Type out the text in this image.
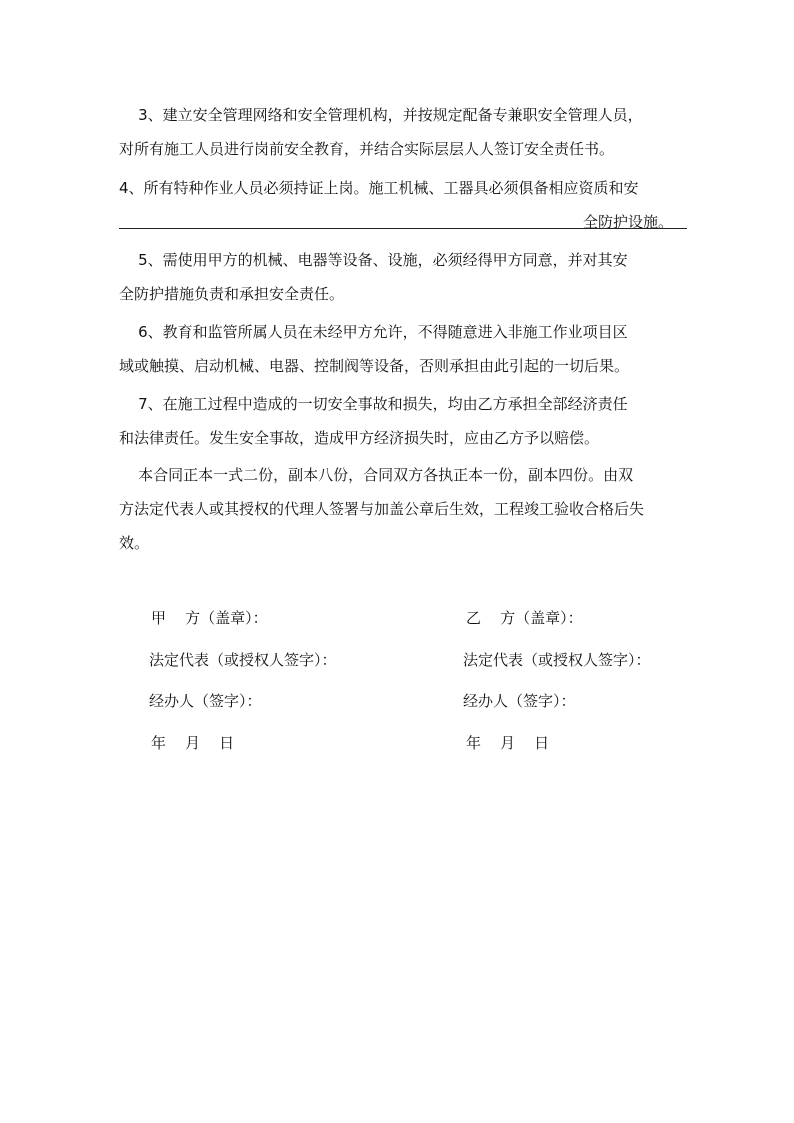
3、建立安全管理网络和安全管理机构，并按规定配备专兼职安全管理人员，
对所有施工人员进行岗前安全教育，并结合实际层层人人签订安全责任书。

4、所有特种作业人员必须持证上岗。施工机械、工器具必须俱备相应资质和安
全防护设施。

5、需使用甲方的机械、电器等设备、设施，必须经得甲方同意，并对其安
全防护措施负责和承担安全责任。

6、教育和监管所属人员在未经甲方允许，不得随意进入非施工作业项目区
域或触摸、启动机械、电器、控制阀等设备，否则承担由此引起的一切后果。

7、在施工过程中造成的一切安全事故和损失，均由乙方承担全部经济责任
和法律责任。发生安全事故，造成甲方经济损失时，应由乙方予以赔偿。

本合同正本一式二份，副本八份，合同双方各执正本一份，副本四份。由双
方法定代表人或其授权的代理人签署与加盖公章后生效，工程竣工验收合格后失
效。

甲    方（盖章）：
法定代表（或授权人签字）：
经办人（签字）：
年    月    日
乙    方（盖章）：
法定代表（或授权人签字）：
经办人（签字）：
年    月    日
